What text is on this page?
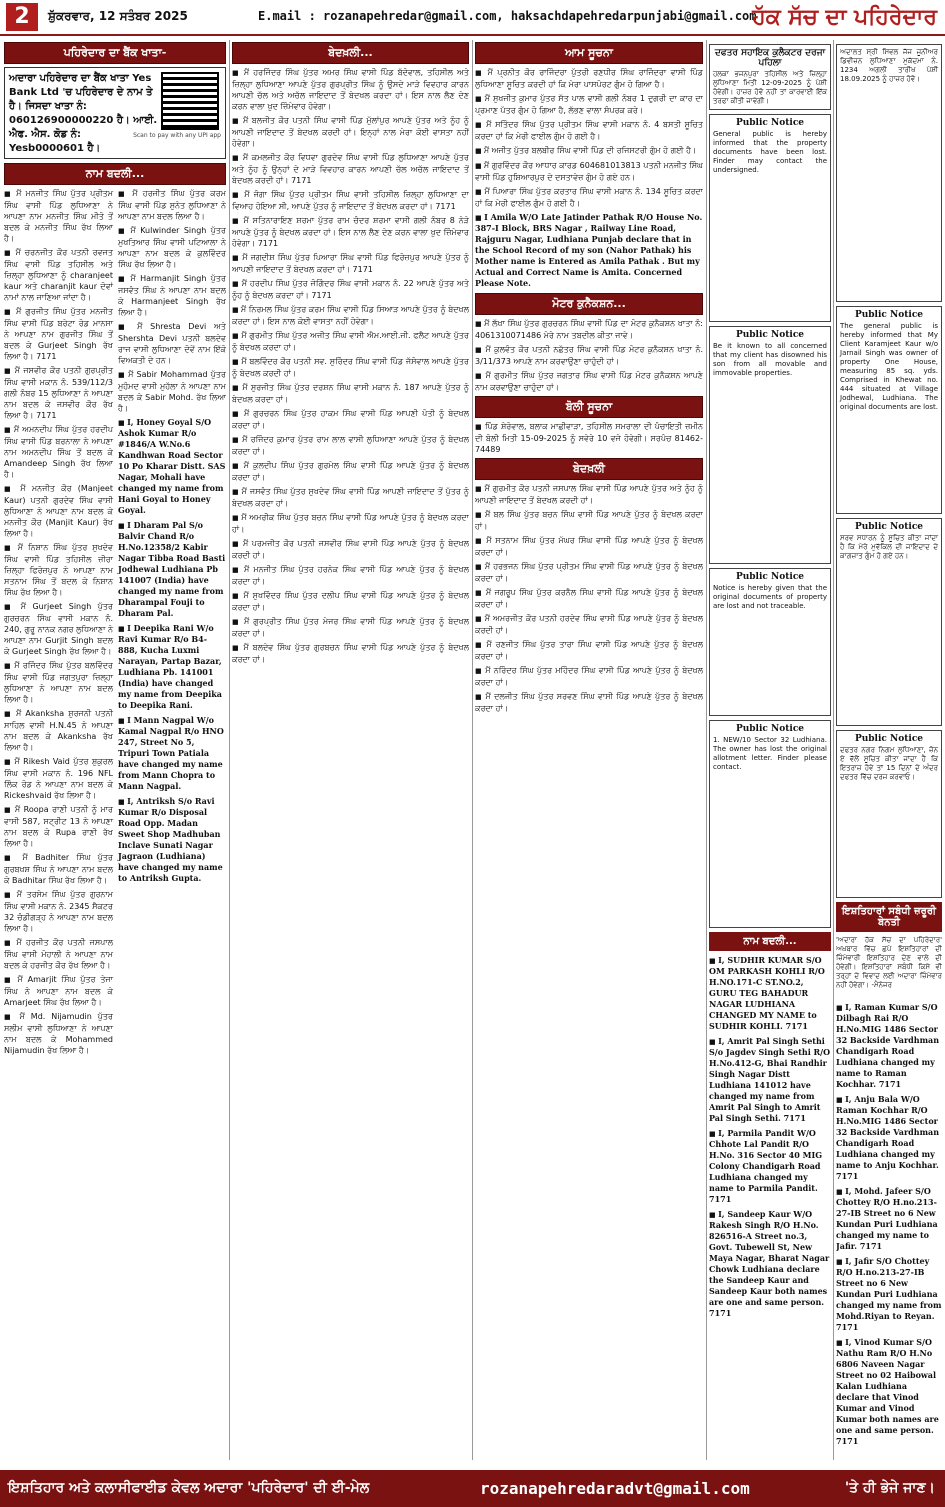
2	ਸ਼ੁੱਕਰਵਾਰ, 12 ਸਤੰਬਰ 2025	E.mail : rozanapehredar@gmail.com, haksachdapehredarpunjabi@gmail.com
ਹੱਕ ਸੱਚ ਦਾ ਪਹਿਰੇਦਾਰ
ਪਹਿਰੇਦਾਰ ਦਾ ਬੈਂਕ ਖਾਤਾ-
ਅਦਾਰਾ ਪਹਿਰੇਦਾਰ ਦਾ ਬੈਂਕ ਖਾਤਾ Yes Bank Ltd 'ਚ ਪਹਿਰੇਦਾਰ ਦੇ ਨਾਮ ਤੇ ਹੈ। ਜਿਸਦਾ ਖਾਤਾ ਨੰ: 060126900000220 ਹੈ। ਆਈ. ਐਫ. ਐਸ. ਕੋਡ ਨੰ: Yesb0000601 ਹੈ।
Scan to pay with any UPI app
ਨਾਮ ਬਦਲੀ...

■ ਮੈਂ ਮਨਜੀਤ ਸਿੰਘ ਪੁੱਤਰ ਪ੍ਰੀਤਮ ਸਿੰਘ ਵਾਸੀ ਪਿੰਡ ਲੁਧਿਆਣਾ ਨੇ ਆਪਣਾ ਨਾਮ ਮਨਜੀਤ ਸਿੰਘ ਮੀਤੋ ਤੋਂ ਬਦਲ ਕੇ ਮਨਜੀਤ ਸਿੰਘ ਰੱਖ ਲਿਆ ਹੈ।

■ ਮੈਂ ਚਰਨਜੀਤ ਕੌਰ ਪਤਨੀ ਰਵਜਤ ਸਿੰਘ ਵਾਸੀ ਪਿੰਡ ਤਹਿਸੀਲ ਅਤੇ ਜ਼ਿਲ੍ਹਾ ਲੁਧਿਆਣਾ ਨੂੰ charanjeet kaur ਅਤੇ charanjit kaur ਦੋਵਾਂ ਨਾਮਾਂ ਨਾਲ ਜਾਣਿਆ ਜਾਂਦਾ ਹੈ।

■ ਮੈਂ ਗੁਰਜੀਤ ਸਿੰਘ ਪੁੱਤਰ ਮਨਜੀਤ ਸਿੰਘ ਵਾਸੀ ਪਿੰਡ ਬਰੇਟਾ ਰੋਡ ਮਾਨਸਾ ਨੇ ਆਪਣਾ ਨਾਮ ਗੁਰਜੀਤ ਸਿੰਘ ਤੋਂ ਬਦਲ ਕੇ Gurjeet Singh ਰੱਖ ਲਿਆ ਹੈ। 7171

■ ਮੈਂ ਜਸਵੀਰ ਕੌਰ ਪਤਨੀ ਗੁਰਪ੍ਰੀਤ ਸਿੰਘ ਵਾਸੀ ਮਕਾਨ ਨੰ. 539/112/3 ਗਲੀ ਨੰਬਰ 15 ਲੁਧਿਆਣਾ ਨੇ ਆਪਣਾ ਨਾਮ ਬਦਲ ਕੇ ਜਸਵੀਰ ਕੌਰ ਰੱਖ ਲਿਆ ਹੈ। 7171

■ ਮੈਂ ਅਮਨਦੀਪ ਸਿੰਘ ਪੁੱਤਰ ਹਰਦੀਪ ਸਿੰਘ ਵਾਸੀ ਪਿੰਡ ਬਰਨਾਲਾ ਨੇ ਆਪਣਾ ਨਾਮ ਅਮਨਦੀਪ ਸਿੰਘ ਤੋਂ ਬਦਲ ਕੇ Amandeep Singh ਰੱਖ ਲਿਆ ਹੈ।

■ ਮੈਂ ਮਨਜੀਤ ਕੌਰ (Manjeet Kaur) ਪਤਨੀ ਗੁਰਦੇਵ ਸਿੰਘ ਵਾਸੀ ਲੁਧਿਆਣਾ ਨੇ ਆਪਣਾ ਨਾਮ ਬਦਲ ਕੇ ਮਨਜੀਤ ਕੌਰ (Manjit Kaur) ਰੱਖ ਲਿਆ ਹੈ।

■ ਮੈਂ ਨਿਸ਼ਾਨ ਸਿੰਘ ਪੁੱਤਰ ਸੁਖਦੇਵ ਸਿੰਘ ਵਾਸੀ ਪਿੰਡ ਤਹਿਸੀਲ ਜ਼ੀਰਾ ਜ਼ਿਲ੍ਹਾ ਫਿਰੋਜ਼ਪੁਰ ਨੇ ਆਪਣਾ ਨਾਮ ਸਤਨਾਮ ਸਿੰਘ ਤੋਂ ਬਦਲ ਕੇ ਨਿਸ਼ਾਨ ਸਿੰਘ ਰੱਖ ਲਿਆ ਹੈ।

■ ਮੈਂ Gurjeet Singh ਪੁੱਤਰ ਗੁਰਚਰਨ ਸਿੰਘ ਵਾਸੀ ਮਕਾਨ ਨੰ. 240, ਗੁਰੂ ਨਾਨਕ ਨਗਰ ਲੁਧਿਆਣਾ ਨੇ ਆਪਣਾ ਨਾਮ Gurjit Singh ਬਦਲ ਕੇ Gurjeet Singh ਰੱਖ ਲਿਆ ਹੈ।

■ ਮੈਂ ਰਜਿੰਦਰ ਸਿੰਘ ਪੁੱਤਰ ਬਲਵਿੰਦਰ ਸਿੰਘ ਵਾਸੀ ਪਿੰਡ ਜਗਤਪੁਰਾ ਜ਼ਿਲ੍ਹਾ ਲੁਧਿਆਣਾ ਨੇ ਆਪਣਾ ਨਾਮ ਬਦਲ ਲਿਆ ਹੈ।

■ ਮੈਂ Akanksha ਸ਼ੁਰਜਨੀ ਪਤਨੀ ਸਾਹਿਲ ਵਾਸੀ H.N.45 ਨੇ ਆਪਣਾ ਨਾਮ ਬਦਲ ਕੇ Akanksha ਰੱਖ ਲਿਆ ਹੈ।

■ ਮੈਂ Rikesh Vaid ਪੁੱਤਰ ਸ਼ੁਕੁਰਲ ਸਿੰਘ ਵਾਸੀ ਮਕਾਨ ਨੰ. 196 NFL ਲਿੰਕ ਰੋਡ ਨੇ ਆਪਣਾ ਨਾਮ ਬਦਲ ਕੇ Rickeshvaid ਰੱਖ ਲਿਆ ਹੈ।

■ ਮੈਂ Roopa ਰਾਣੀ ਪਤਨੀ ਨੂੰ ਮਾਰ ਵਾਸੀ 587, ਸਟ੍ਰੀਟ 13 ਨੇ ਆਪਣਾ ਨਾਮ ਬਦਲ ਕੇ Rupa ਰਾਣੀ ਰੱਖ ਲਿਆ ਹੈ।

■ ਮੈਂ Badhiter ਸਿੰਘ ਪੁੱਤਰ ਗੁਰਬਖਸ਼ ਸਿੰਘ ਨੇ ਆਪਣਾ ਨਾਮ ਬਦਲ ਕੇ Badhitar ਸਿੰਘ ਰੱਖ ਲਿਆ ਹੈ।

■ ਮੈਂ ਤਰਸੇਮ ਸਿੰਘ ਪੁੱਤਰ ਗੁਰਨਾਮ ਸਿੰਘ ਵਾਸੀ ਮਕਾਨ ਨੰ. 2345 ਸੈਕਟਰ 32 ਚੰਡੀਗੜ੍ਹ ਨੇ ਆਪਣਾ ਨਾਮ ਬਦਲ ਲਿਆ ਹੈ।

■ ਮੈਂ ਹਰਜੀਤ ਕੌਰ ਪਤਨੀ ਜਸਪਾਲ ਸਿੰਘ ਵਾਸੀ ਮੋਹਾਲੀ ਨੇ ਆਪਣਾ ਨਾਮ ਬਦਲ ਕੇ ਹਰਜੀਤ ਕੌਰ ਰੱਖ ਲਿਆ ਹੈ।

■ ਮੈਂ Amarjit ਸਿੰਘ ਪੁੱਤਰ ਤੇਜਾ ਸਿੰਘ ਨੇ ਆਪਣਾ ਨਾਮ ਬਦਲ ਕੇ Amarjeet ਸਿੰਘ ਰੱਖ ਲਿਆ ਹੈ।

■ ਮੈਂ Md. Nijamudin ਪੁੱਤਰ ਸਲੀਮ ਵਾਸੀ ਲੁਧਿਆਣਾ ਨੇ ਆਪਣਾ ਨਾਮ ਬਦਲ ਕੇ Mohammed Nijamudin ਰੱਖ ਲਿਆ ਹੈ।

■ ਮੈਂ ਹਰਜੀਤ ਸਿੰਘ ਪੁੱਤਰ ਕਰਮ ਸਿੰਘ ਵਾਸੀ ਪਿੰਡ ਸੁਨੇਤ ਲੁਧਿਆਣਾ ਨੇ ਆਪਣਾ ਨਾਮ ਬਦਲ ਲਿਆ ਹੈ।

■ ਮੈਂ Kulwinder Singh ਪੁੱਤਰ ਮੁਖਤਿਆਰ ਸਿੰਘ ਵਾਸੀ ਪਟਿਆਲਾ ਨੇ ਆਪਣਾ ਨਾਮ ਬਦਲ ਕੇ ਕੁਲਵਿੰਦਰ ਸਿੰਘ ਰੱਖ ਲਿਆ ਹੈ।

■ ਮੈਂ Harmanjit Singh ਪੁੱਤਰ ਜਸਵੰਤ ਸਿੰਘ ਨੇ ਆਪਣਾ ਨਾਮ ਬਦਲ ਕੇ Harmanjeet Singh ਰੱਖ ਲਿਆ ਹੈ।

■ ਮੈਂ Shresta Devi ਅਤੇ Shershta Devi ਪਤਨੀ ਬਲਦੇਵ ਰਾਜ ਵਾਸੀ ਲੁਧਿਆਣਾ ਦੋਵੇਂ ਨਾਮ ਇੱਕੋ ਵਿਅਕਤੀ ਦੇ ਹਨ।

■ ਮੈਂ Sabir Mohammad ਪੁੱਤਰ ਮੁਹੰਮਦ ਵਾਸੀ ਮੁਹੱਲਾ ਨੇ ਆਪਣਾ ਨਾਮ ਬਦਲ ਕੇ Sabir Mohd. ਰੱਖ ਲਿਆ ਹੈ।

■ I, Honey Goyal S/O Ashok Kumar R/o #1846/A W.No.6 Kandhwan Road Sector 10 Po Kharar Distt. SAS Nagar, Mohali have changed my name from Hani Goyal to Honey Goyal.

■ I Dharam Pal S/o Balvir Chand R/o H.No.12358/2 Kabir Nagar Tibba Road Basti Jodhewal Ludhiana Pb 141007 (India) have changed my name from Dharampal Fouji to Dharam Pal.

■ I Deepika Rani W/o Ravi Kumar R/o B4-888, Kucha Luxmi Narayan, Partap Bazar, Ludhiana Pb. 141001 (India) have changed my name from Deepika to Deepika Rani.

■ I Mann Nagpal W/o Kamal Nagpal R/o HNO 247, Street No 5, Tripuri Town Patiala have changed my name from Mann Chopra to Mann Nagpal.

■ I, Antriksh S/o Ravi Kumar R/o Disposal Road Opp. Madan Sweet Shop Madhuban Inclave Sunati Nagar Jagraon (Ludhiana) have changed my name to Antriksh Gupta.

ਬੇਦਖ਼ਲੀ...

■ ਮੈਂ ਹਰਜਿੰਦਰ ਸਿੰਘ ਪੁੱਤਰ ਅਮਰ ਸਿੰਘ ਵਾਸੀ ਪਿੰਡ ਬੱਦੋਵਾਲ, ਤਹਿਸੀਲ ਅਤੇ ਜ਼ਿਲ੍ਹਾ ਲੁਧਿਆਣਾ ਆਪਣੇ ਪੁੱਤਰ ਗੁਰਪ੍ਰੀਤ ਸਿੰਘ ਨੂੰ ਉਸਦੇ ਮਾੜੇ ਵਿਵਹਾਰ ਕਾਰਨ ਆਪਣੀ ਚੱਲ ਅਤੇ ਅਚੱਲ ਜਾਇਦਾਦ ਤੋਂ ਬੇਦਖਲ ਕਰਦਾ ਹਾਂ। ਇਸ ਨਾਲ ਲੈਣ ਦੇਣ ਕਰਨ ਵਾਲਾ ਖੁਦ ਜ਼ਿੰਮੇਵਾਰ ਹੋਵੇਗਾ।

■ ਮੈਂ ਬਲਜੀਤ ਕੌਰ ਪਤਨੀ ਸਿੰਘ ਵਾਸੀ ਪਿੰਡ ਮੁੱਲਾਂਪੁਰ ਆਪਣੇ ਪੁੱਤਰ ਅਤੇ ਨੂੰਹ ਨੂੰ ਆਪਣੀ ਜਾਇਦਾਦ ਤੋਂ ਬੇਦਖਲ ਕਰਦੀ ਹਾਂ। ਇਨ੍ਹਾਂ ਨਾਲ ਮੇਰਾ ਕੋਈ ਵਾਸਤਾ ਨਹੀਂ ਹੋਵੇਗਾ।

■ ਮੈਂ ਕਮਲਜੀਤ ਕੌਰ ਵਿਧਵਾ ਗੁਰਦੇਵ ਸਿੰਘ ਵਾਸੀ ਪਿੰਡ ਲੁਧਿਆਣਾ ਆਪਣੇ ਪੁੱਤਰ ਅਤੇ ਨੂੰਹ ਨੂੰ ਉਨ੍ਹਾਂ ਦੇ ਮਾੜੇ ਵਿਵਹਾਰ ਕਾਰਨ ਆਪਣੀ ਚੱਲ ਅਚੱਲ ਜਾਇਦਾਦ ਤੋਂ ਬੇਦਖਲ ਕਰਦੀ ਹਾਂ। 7171

■ ਮੈਂ ਜੰਗਾ ਸਿੰਘ ਪੁੱਤਰ ਪ੍ਰੀਤਮ ਸਿੰਘ ਵਾਸੀ ਤਹਿਸੀਲ ਜ਼ਿਲ੍ਹਾ ਲੁਧਿਆਣਾ ਦਾ ਵਿਆਹ ਹੋਇਆ ਸੀ, ਆਪਣੇ ਪੁੱਤਰ ਨੂੰ ਜਾਇਦਾਦ ਤੋਂ ਬੇਦਖਲ ਕਰਦਾ ਹਾਂ। 7171

■ ਮੈਂ ਸਤਿਨਾਰਾਇਣ ਸ਼ਰਮਾ ਪੁੱਤਰ ਰਾਮ ਚੰਦਰ ਸ਼ਰਮਾ ਵਾਸੀ ਗਲੀ ਨੰਬਰ 8 ਨੇੜੇ ਆਪਣੇ ਪੁੱਤਰ ਨੂੰ ਬੇਦਖਲ ਕਰਦਾ ਹਾਂ। ਇਸ ਨਾਲ ਲੈਣ ਦੇਣ ਕਰਨ ਵਾਲਾ ਖੁਦ ਜ਼ਿੰਮੇਵਾਰ ਹੋਵੇਗਾ। 7171

■ ਮੈਂ ਜਗਦੀਸ਼ ਸਿੰਘ ਪੁੱਤਰ ਪਿਆਰਾ ਸਿੰਘ ਵਾਸੀ ਪਿੰਡ ਫਿਰੋਜ਼ਪੁਰ ਆਪਣੇ ਪੁੱਤਰ ਨੂੰ ਆਪਣੀ ਜਾਇਦਾਦ ਤੋਂ ਬੇਦਖਲ ਕਰਦਾ ਹਾਂ। 7171

■ ਮੈਂ ਹਰਦੀਪ ਸਿੰਘ ਪੁੱਤਰ ਜੋਗਿੰਦਰ ਸਿੰਘ ਵਾਸੀ ਮਕਾਨ ਨੰ. 22 ਆਪਣੇ ਪੁੱਤਰ ਅਤੇ ਨੂੰਹ ਨੂੰ ਬੇਦਖਲ ਕਰਦਾ ਹਾਂ। 7171

■ ਮੈਂ ਨਿਰਮਲ ਸਿੰਘ ਪੁੱਤਰ ਕਰਮ ਸਿੰਘ ਵਾਸੀ ਪਿੰਡ ਸਿਆੜ ਆਪਣੇ ਪੁੱਤਰ ਨੂੰ ਬੇਦਖਲ ਕਰਦਾ ਹਾਂ। ਇਸ ਨਾਲ ਕੋਈ ਵਾਸਤਾ ਨਹੀਂ ਹੋਵੇਗਾ।

■ ਮੈਂ ਗੁਰਮੀਤ ਸਿੰਘ ਪੁੱਤਰ ਅਜੀਤ ਸਿੰਘ ਵਾਸੀ ਐਮ.ਆਈ.ਜੀ. ਫਲੈਟ ਆਪਣੇ ਪੁੱਤਰ ਨੂੰ ਬੇਦਖਲ ਕਰਦਾ ਹਾਂ।

■ ਮੈਂ ਬਲਵਿੰਦਰ ਕੌਰ ਪਤਨੀ ਸਵ. ਸੁਰਿੰਦਰ ਸਿੰਘ ਵਾਸੀ ਪਿੰਡ ਜੱਸੋਵਾਲ ਆਪਣੇ ਪੁੱਤਰ ਨੂੰ ਬੇਦਖਲ ਕਰਦੀ ਹਾਂ।

■ ਮੈਂ ਸੁਰਜੀਤ ਸਿੰਘ ਪੁੱਤਰ ਦਰਸ਼ਨ ਸਿੰਘ ਵਾਸੀ ਮਕਾਨ ਨੰ. 187 ਆਪਣੇ ਪੁੱਤਰ ਨੂੰ ਬੇਦਖਲ ਕਰਦਾ ਹਾਂ।

■ ਮੈਂ ਗੁਰਚਰਨ ਸਿੰਘ ਪੁੱਤਰ ਹਾਕਮ ਸਿੰਘ ਵਾਸੀ ਪਿੰਡ ਆਪਣੀ ਪੋਤੀ ਨੂੰ ਬੇਦਖਲ ਕਰਦਾ ਹਾਂ।

■ ਮੈਂ ਰਜਿੰਦਰ ਕੁਮਾਰ ਪੁੱਤਰ ਰਾਮ ਲਾਲ ਵਾਸੀ ਲੁਧਿਆਣਾ ਆਪਣੇ ਪੁੱਤਰ ਨੂੰ ਬੇਦਖਲ ਕਰਦਾ ਹਾਂ।

■ ਮੈਂ ਕੁਲਦੀਪ ਸਿੰਘ ਪੁੱਤਰ ਗੁਰਮੇਲ ਸਿੰਘ ਵਾਸੀ ਪਿੰਡ ਆਪਣੇ ਪੁੱਤਰ ਨੂੰ ਬੇਦਖਲ ਕਰਦਾ ਹਾਂ।

■ ਮੈਂ ਜਸਵੰਤ ਸਿੰਘ ਪੁੱਤਰ ਸੁਖਦੇਵ ਸਿੰਘ ਵਾਸੀ ਪਿੰਡ ਆਪਣੀ ਜਾਇਦਾਦ ਤੋਂ ਪੁੱਤਰ ਨੂੰ ਬੇਦਖਲ ਕਰਦਾ ਹਾਂ।

■ ਮੈਂ ਅਮਰੀਕ ਸਿੰਘ ਪੁੱਤਰ ਬਚਨ ਸਿੰਘ ਵਾਸੀ ਪਿੰਡ ਆਪਣੇ ਪੁੱਤਰ ਨੂੰ ਬੇਦਖਲ ਕਰਦਾ ਹਾਂ।

■ ਮੈਂ ਪਰਮਜੀਤ ਕੌਰ ਪਤਨੀ ਜਸਵੀਰ ਸਿੰਘ ਵਾਸੀ ਪਿੰਡ ਆਪਣੇ ਪੁੱਤਰ ਨੂੰ ਬੇਦਖਲ ਕਰਦੀ ਹਾਂ।

■ ਮੈਂ ਮਨਜੀਤ ਸਿੰਘ ਪੁੱਤਰ ਹਰਨੇਕ ਸਿੰਘ ਵਾਸੀ ਪਿੰਡ ਆਪਣੇ ਪੁੱਤਰ ਨੂੰ ਬੇਦਖਲ ਕਰਦਾ ਹਾਂ।

■ ਮੈਂ ਸੁਖਵਿੰਦਰ ਸਿੰਘ ਪੁੱਤਰ ਦਲੀਪ ਸਿੰਘ ਵਾਸੀ ਪਿੰਡ ਆਪਣੇ ਪੁੱਤਰ ਨੂੰ ਬੇਦਖਲ ਕਰਦਾ ਹਾਂ।

■ ਮੈਂ ਗੁਰਪ੍ਰੀਤ ਸਿੰਘ ਪੁੱਤਰ ਮੇਜਰ ਸਿੰਘ ਵਾਸੀ ਪਿੰਡ ਆਪਣੇ ਪੁੱਤਰ ਨੂੰ ਬੇਦਖਲ ਕਰਦਾ ਹਾਂ।

■ ਮੈਂ ਬਲਦੇਵ ਸਿੰਘ ਪੁੱਤਰ ਗੁਰਬਚਨ ਸਿੰਘ ਵਾਸੀ ਪਿੰਡ ਆਪਣੇ ਪੁੱਤਰ ਨੂੰ ਬੇਦਖਲ ਕਰਦਾ ਹਾਂ।

ਆਮ ਸੂਚਨਾ

■ ਮੈਂ ਪ੍ਰਨੀਤ ਕੌਰ ਰਾਜਿੰਦਰਾ ਪੁੱਤਰੀ ਰਣਧੀਰ ਸਿੰਘ ਰਾਜਿੰਦਰਾ ਵਾਸੀ ਪਿੰਡ ਲੁਧਿਆਣਾ ਸੂਚਿਤ ਕਰਦੀ ਹਾਂ ਕਿ ਮੇਰਾ ਪਾਸਪੋਰਟ ਗੁੰਮ ਹੋ ਗਿਆ ਹੈ।

■ ਮੈਂ ਸੁਖਜੀਤ ਕੁਮਾਰ ਪੁੱਤਰ ਸੱਤ ਪਾਲ ਵਾਸੀ ਗਲੀ ਨੰਬਰ 1 ਦੁਗਰੀ ਦਾ ਕਾਰ ਦਾ ਪ੍ਰਮਾਣ ਪੱਤਰ ਗੁੰਮ ਹੋ ਗਿਆ ਹੈ, ਲੱਭਣ ਵਾਲਾ ਸੰਪਰਕ ਕਰੇ।

■ ਮੈਂ ਸਤਿੰਦਰ ਸਿੰਘ ਪੁੱਤਰ ਪ੍ਰੀਤਮ ਸਿੰਘ ਵਾਸੀ ਮਕਾਨ ਨੰ. 4 ਬਸਤੀ ਸੂਚਿਤ ਕਰਦਾ ਹਾਂ ਕਿ ਮੇਰੀ ਫਾਈਲ ਗੁੰਮ ਹੋ ਗਈ ਹੈ।

■ ਮੈਂ ਅਜੀਤ ਪੁੱਤਰ ਬਲਬੀਰ ਸਿੰਘ ਵਾਸੀ ਪਿੰਡ ਦੀ ਰਜਿਸਟਰੀ ਗੁੰਮ ਹੋ ਗਈ ਹੈ।

■ ਮੈਂ ਗੁਰਵਿੰਦਰ ਕੌਰ ਆਧਾਰ ਕਾਰਡ 604681013813 ਪਤਨੀ ਮਨਜੀਤ ਸਿੰਘ ਵਾਸੀ ਪਿੰਡ ਹੁਸ਼ਿਆਰਪੁਰ ਦੇ ਦਸਤਾਵੇਜ਼ ਗੁੰਮ ਹੋ ਗਏ ਹਨ।

■ ਮੈਂ ਪਿਆਰਾ ਸਿੰਘ ਪੁੱਤਰ ਕਰਤਾਰ ਸਿੰਘ ਵਾਸੀ ਮਕਾਨ ਨੰ. 134 ਸੂਚਿਤ ਕਰਦਾ ਹਾਂ ਕਿ ਮੇਰੀ ਫਾਈਲ ਗੁੰਮ ਹੋ ਗਈ ਹੈ।

■ I Amila W/O Late Jatinder Pathak R/O House No. 387-I Block, BRS Nagar , Railway Line Road, Rajguru Nagar, Ludhiana Punjab declare that in the School Record of my son (Nahor Pathak) his Mother name is Entered as Amila Pathak . But my Actual and Correct Name is Amita. Concerned Please Note.
ਮੋਟਰ ਕੁਨੈਕਸ਼ਨ...

■ ਮੈਂ ਲੱਖਾ ਸਿੰਘ ਪੁੱਤਰ ਗੁਰਚਰਨ ਸਿੰਘ ਵਾਸੀ ਪਿੰਡ ਦਾ ਮੋਟਰ ਕੁਨੈਕਸ਼ਨ ਖਾਤਾ ਨੰ: 4061310071486 ਮੇਰੇ ਨਾਮ ਤਬਦੀਲ ਕੀਤਾ ਜਾਵੇ।

■ ਮੈਂ ਕੁਲਵੰਤ ਕੌਰ ਪਤਨੀ ਨਛੱਤਰ ਸਿੰਘ ਵਾਸੀ ਪਿੰਡ ਮੋਟਰ ਕੁਨੈਕਸ਼ਨ ਖਾਤਾ ਨੰ. 3/11/373 ਆਪਣੇ ਨਾਮ ਕਰਵਾਉਣਾ ਚਾਹੁੰਦੀ ਹਾਂ।

■ ਮੈਂ ਗੁਰਮੀਤ ਸਿੰਘ ਪੁੱਤਰ ਜਗਤਾਰ ਸਿੰਘ ਵਾਸੀ ਪਿੰਡ ਮੋਟਰ ਕੁਨੈਕਸ਼ਨ ਆਪਣੇ ਨਾਮ ਕਰਵਾਉਣਾ ਚਾਹੁੰਦਾ ਹਾਂ।

ਬੋਲੀ ਸੂਚਨਾ

■ ਪਿੰਡ ਸ਼ੇਰੋਵਾਲ, ਬਲਾਕ ਮਾਛੀਵਾੜਾ, ਤਹਿਸੀਲ ਸਮਰਾਲਾ ਦੀ ਪੰਚਾਇਤੀ ਜ਼ਮੀਨ ਦੀ ਬੋਲੀ ਮਿਤੀ 15-09-2025 ਨੂੰ ਸਵੇਰੇ 10 ਵਜੇ ਹੋਵੇਗੀ। ਸਰਪੰਚ 81462-74489

ਬੇਦਖ਼ਲੀ

■ ਮੈਂ ਗੁਰਮੀਤ ਕੌਰ ਪਤਨੀ ਜਸਪਾਲ ਸਿੰਘ ਵਾਸੀ ਪਿੰਡ ਆਪਣੇ ਪੁੱਤਰ ਅਤੇ ਨੂੰਹ ਨੂੰ ਆਪਣੀ ਜਾਇਦਾਦ ਤੋਂ ਬੇਦਖਲ ਕਰਦੀ ਹਾਂ।

■ ਮੈਂ ਬਲ ਸਿੰਘ ਪੁੱਤਰ ਬਚਨ ਸਿੰਘ ਵਾਸੀ ਪਿੰਡ ਆਪਣੇ ਪੁੱਤਰ ਨੂੰ ਬੇਦਖਲ ਕਰਦਾ ਹਾਂ।

■ ਮੈਂ ਸਤਨਾਮ ਸਿੰਘ ਪੁੱਤਰ ਮੱਘਰ ਸਿੰਘ ਵਾਸੀ ਪਿੰਡ ਆਪਣੇ ਪੁੱਤਰ ਨੂੰ ਬੇਦਖਲ ਕਰਦਾ ਹਾਂ।

■ ਮੈਂ ਹਰਭਜਨ ਸਿੰਘ ਪੁੱਤਰ ਪ੍ਰੀਤਮ ਸਿੰਘ ਵਾਸੀ ਪਿੰਡ ਆਪਣੇ ਪੁੱਤਰ ਨੂੰ ਬੇਦਖਲ ਕਰਦਾ ਹਾਂ।

■ ਮੈਂ ਜਗਰੂਪ ਸਿੰਘ ਪੁੱਤਰ ਕਰਨੈਲ ਸਿੰਘ ਵਾਸੀ ਪਿੰਡ ਆਪਣੇ ਪੁੱਤਰ ਨੂੰ ਬੇਦਖਲ ਕਰਦਾ ਹਾਂ।

■ ਮੈਂ ਅਮਰਜੀਤ ਕੌਰ ਪਤਨੀ ਹਰਦੇਵ ਸਿੰਘ ਵਾਸੀ ਪਿੰਡ ਆਪਣੇ ਪੁੱਤਰ ਨੂੰ ਬੇਦਖਲ ਕਰਦੀ ਹਾਂ।

■ ਮੈਂ ਰਣਜੀਤ ਸਿੰਘ ਪੁੱਤਰ ਤਾਰਾ ਸਿੰਘ ਵਾਸੀ ਪਿੰਡ ਆਪਣੇ ਪੁੱਤਰ ਨੂੰ ਬੇਦਖਲ ਕਰਦਾ ਹਾਂ।

■ ਮੈਂ ਨਰਿੰਦਰ ਸਿੰਘ ਪੁੱਤਰ ਮਹਿੰਦਰ ਸਿੰਘ ਵਾਸੀ ਪਿੰਡ ਆਪਣੇ ਪੁੱਤਰ ਨੂੰ ਬੇਦਖਲ ਕਰਦਾ ਹਾਂ।

■ ਮੈਂ ਦਲਜੀਤ ਸਿੰਘ ਪੁੱਤਰ ਸਰਵਣ ਸਿੰਘ ਵਾਸੀ ਪਿੰਡ ਆਪਣੇ ਪੁੱਤਰ ਨੂੰ ਬੇਦਖਲ ਕਰਦਾ ਹਾਂ।

ਦਫਤਰ ਸਹਾਇਕ ਕੁਲੈਕਟਰ ਦਰਜਾ ਪਹਿਲਾ
ਹਲਕਾ ਭਜਨਪੁਰਾ ਤਹਿਸੀਲ ਅਤੇ ਜ਼ਿਲ੍ਹਾ ਲੁਧਿਆਣਾ ਮਿਤੀ 12-09-2025 ਨੂੰ ਪੇਸ਼ੀ ਹੋਵੇਗੀ। ਹਾਜ਼ਰ ਹੋਵੋ ਨਹੀਂ ਤਾਂ ਕਾਰਵਾਈ ਇੱਕ ਤਰਫਾ ਕੀਤੀ ਜਾਵੇਗੀ।
Public Notice
General public is hereby informed that the property documents have been lost. Finder may contact the undersigned.
Public Notice
Be it known to all concerned that my client has disowned his son from all movable and immovable properties.
Public Notice
Notice is hereby given that the original documents of property are lost and not traceable.
Public Notice
1. NEW/10 Sector 32 Ludhiana. The owner has lost the original allotment letter. Finder please contact.
ਨਾਮ ਬਦਲੀ...

■ I, SUDHIR KUMAR S/O OM PARKASH KOHLI R/O H.NO.171-C ST.NO.2, GURU TEG BAHADUR NAGAR LUDHIANA CHANGED MY NAME to SUDHIR KOHLI. 7171

■ I, Amrit Pal Singh Sethi S/o Jagdev Singh Sethi R/O H.No.412-G, Bhai Randhir Singh Nagar Distt Ludhiana 141012 have changed my name from Amrit Pal Singh to Amrit Pal Singh Sethi. 7171

■ I, Parmila Pandit W/O Chhote Lal Pandit R/O H.No. 316 Sector 40 MIG Colony Chandigarh Road Ludhiana changed my name to Parmila Pandit. 7171

■ I, Sandeep Kaur W/O Rakesh Singh R/O H.No. 826516-A Street no.3, Govt. Tubewell St, New Maya Nagar, Bharat Nagar Chowk Ludhiana declare the Sandeep Kaur and Sandeep Kaur both names are one and same person. 7171

ਅਦਾਲਤ ਸ੍ਰੀ ਸਿਵਲ ਜੱਜ ਜੂਨੀਅਰ ਡਿਵੀਜ਼ਨ ਲੁਧਿਆਣਾ ਮੁਕੱਦਮਾ ਨੰ. 1234 ਅਗਲੀ ਤਾਰੀਖ ਪੇਸ਼ੀ 18.09.2025 ਨੂੰ ਹਾਜ਼ਰ ਹੋਵੋ।
Public Notice
The general public is hereby informed that My Client Karamjeet Kaur w/o Jarnail Singh was owner of property One House, measuring 85 sq. yds. Comprised in Khewat no. 444 situated at Village Jodhewal, Ludhiana. The original documents are lost.
Public Notice
ਸਰਵ ਸਧਾਰਨ ਨੂੰ ਸੂਚਿਤ ਕੀਤਾ ਜਾਂਦਾ ਹੈ ਕਿ ਮੇਰੇ ਮੁਵੱਕਿਲ ਦੀ ਜਾਇਦਾਦ ਦੇ ਕਾਗਜ਼ਾਤ ਗੁੰਮ ਹੋ ਗਏ ਹਨ।
Public Notice
ਦਫਤਰ ਨਗਰ ਨਿਗਮ ਲੁਧਿਆਣਾ, ਜ਼ੋਨ ਏ ਵੱਲੋਂ ਸੂਚਿਤ ਕੀਤਾ ਜਾਂਦਾ ਹੈ ਕਿ ਇਤਰਾਜ਼ ਹੋਵੇ ਤਾਂ 15 ਦਿਨਾਂ ਦੇ ਅੰਦਰ ਦਫਤਰ ਵਿੱਚ ਦਰਜ ਕਰਵਾਓ।
ਇਸ਼ਤਿਹਾਰਾਂ ਸਬੰਧੀ ਜ਼ਰੂਰੀ ਬੇਨਤੀ
'ਅਦਾਰਾ ਹੱਕ ਸੱਚ ਦਾ ਪਹਿਰੇਦਾਰ' ਅਖ਼ਬਾਰ ਵਿੱਚ ਛਪੇ ਇਸ਼ਤਿਹਾਰਾਂ ਦੀ ਜ਼ਿੰਮੇਵਾਰੀ ਇਸ਼ਤਿਹਾਰ ਦੇਣ ਵਾਲੇ ਦੀ ਹੋਵੇਗੀ। ਇਸ਼ਤਿਹਾਰਾਂ ਸਬੰਧੀ ਕਿਸੇ ਵੀ ਤਰ੍ਹਾਂ ਦੇ ਵਿਵਾਦ ਲਈ ਅਦਾਰਾ ਜ਼ਿੰਮੇਵਾਰ ਨਹੀਂ ਹੋਵੇਗਾ। -ਮੈਨੇਜਰ

■ I, Raman Kumar S/O Dilbagh Rai R/O H.No.MIG 1486 Sector 32 Backside Vardhman Chandigarh Road Ludhiana changed my name to Raman Kochhar. 7171

■ I, Anju Bala W/O Raman Kochhar R/O H.No.MIG 1486 Sector 32 Backside Vardhman Chandigarh Road Ludhiana changed my name to Anju Kochhar. 7171

■ I, Mohd. Jafeer S/O Chottey R/O H.no.213-27-IB Street no 6 New Kundan Puri Ludhiana changed my name to Jafir. 7171

■ I, Jafir S/O Chottey R/O H.no.213-27-IB Street no 6 New Kundan Puri Ludhiana changed my name from Mohd.Riyan to Reyan. 7171

■ I, Vinod Kumar S/O Nathu Ram R/O H.No 6806 Naveen Nagar Street no 02 Haibowal Kalan Ludhiana declare that Vinod Kumar and Vinod Kumar both names are one and same person. 7171

ਇਸ਼ਤਿਹਾਰ ਅਤੇ ਕਲਾਸੀਫਾਈਡ ਕੇਵਲ ਅਦਾਰਾ 'ਪਹਿਰੇਦਾਰ' ਦੀ ਈ-ਮੇਲ	rozanapehredaradvt@gmail.com	'ਤੇ ਹੀ ਭੇਜੇ ਜਾਣ।
